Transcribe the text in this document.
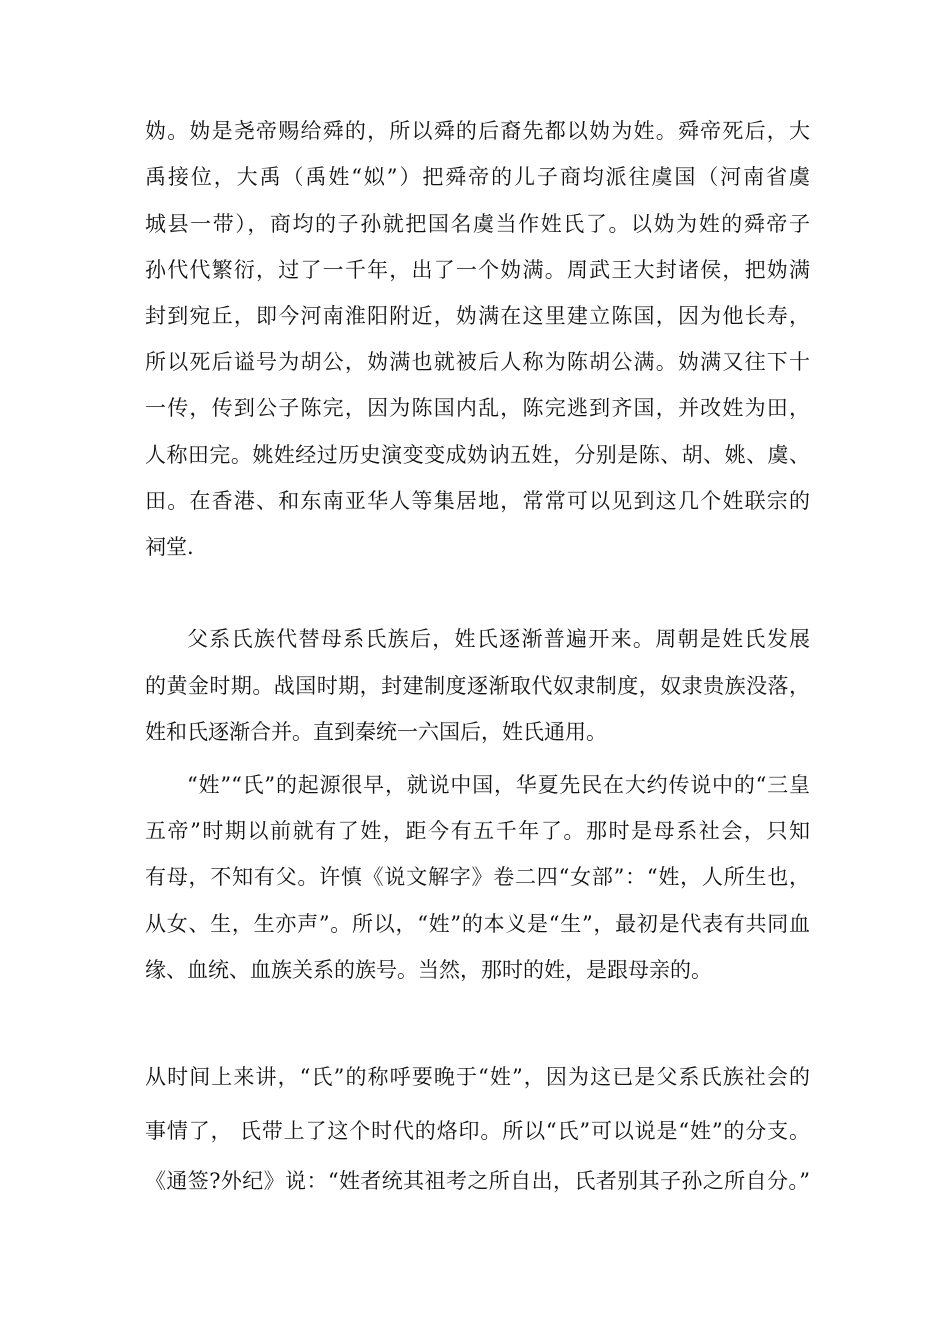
妫。妫是尧帝赐给舜的，所以舜的后裔先都以妫为姓。舜帝死后，大
禹接位，大禹（禹姓“姒”）把舜帝的儿子商均派往虞国（河南省虞
城县一带），商均的子孙就把国名虞当作姓氏了。以妫为姓的舜帝子
孙代代繁衍，过了一千年，出了一个妫满。周武王大封诸侯，把妫满
封到宛丘，即今河南淮阳附近，妫满在这里建立陈国，因为他长寿，
所以死后谥号为胡公，妫满也就被后人称为陈胡公满。妫满又往下十
一传，传到公子陈完，因为陈国内乱，陈完逃到齐国，并改姓为田，
人称田完。姚姓经过历史演变变成妫讷五姓，分别是陈、胡、姚、虞、
田。在香港、和东南亚华人等集居地，常常可以见到这几个姓联宗的
祠堂.
父系氏族代替母系氏族后，姓氏逐渐普遍开来。周朝是姓氏发展
的黄金时期。战国时期，封建制度逐渐取代奴隶制度，奴隶贵族没落，
姓和氏逐渐合并。直到秦统一六国后，姓氏通用。
“姓”“氏”的起源很早，就说中国，华夏先民在大约传说中的“三皇
五帝”时期以前就有了姓，距今有五千年了。那时是母系社会，只知
有母，不知有父。许慎《说文解字》卷二四“女部”：“姓，人所生也，
从女、生，生亦声”。所以，“姓”的本义是“生”，最初是代表有共同血
缘、血统、血族关系的族号。当然，那时的姓，是跟母亲的。
从时间上来讲，“氏”的称呼要晚于“姓”，因为这已是父系氏族社会的
事情了， 氏带上了这个时代的烙印。所以“氏”可以说是“姓”的分支。
《通签?外纪》说：“姓者统其祖考之所自出，氏者别其子孙之所自分。”
